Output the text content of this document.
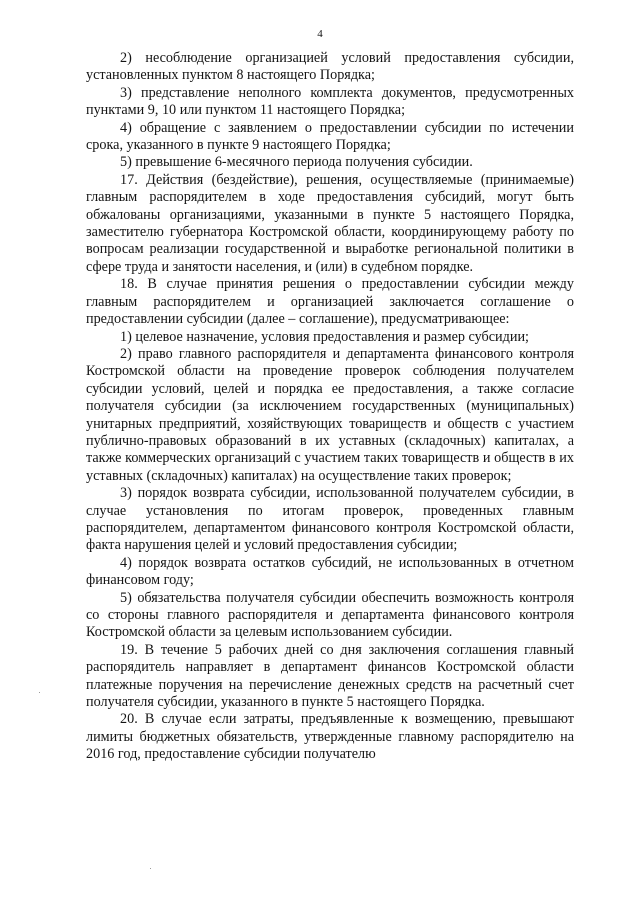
4

2) несоблюдение организацией условий предоставления субсидии, установленных пунктом 8 настоящего Порядка;

3) представление неполного комплекта документов, предусмотренных пунктами 9, 10 или пунктом 11 настоящего Порядка;

4) обращение с заявлением о предоставлении субсидии по истечении срока, указанного в пункте 9 настоящего Порядка;

5) превышение 6-месячного периода получения субсидии.

17. Действия (бездействие), решения, осуществляемые (принимаемые) главным распорядителем в ходе предоставления субсидий, могут быть обжалованы организациями, указанными в пункте 5 настоящего Порядка, заместителю губернатора Костромской области, координирующему работу по вопросам реализации государственной и выработке региональной политики в сфере труда и занятости населения, и (или) в судебном порядке.

18. В случае принятия решения о предоставлении субсидии между главным распорядителем и организацией заключается соглашение о предоставлении субсидии (далее – соглашение), предусматривающее:

1) целевое назначение, условия предоставления и размер субсидии;

2) право главного распорядителя и департамента финансового контроля Костромской области на проведение проверок соблюдения получателем субсидии условий, целей и порядка ее предоставления, а также согласие получателя субсидии (за исключением государственных (муниципальных) унитарных предприятий, хозяйствующих товариществ и обществ с участием публично-правовых образований в их уставных (складочных) капиталах, а также коммерческих организаций с участием таких товариществ и обществ в их уставных (складочных) капиталах) на осуществление таких проверок;

3) порядок возврата субсидии, использованной получателем субсидии, в случае установления по итогам проверок, проведенных главным распорядителем, департаментом финансового контроля Костромской области, факта нарушения целей и условий предоставления субсидии;

4) порядок возврата остатков субсидий, не использованных в отчетном финансовом году;

5) обязательства получателя субсидии обеспечить возможность контроля со стороны главного распорядителя и департамента финансового контроля Костромской области за целевым использованием субсидии.

19. В течение 5 рабочих дней со дня заключения соглашения главный распорядитель направляет в департамент финансов Костромской области платежные поручения на перечисление денежных средств на расчетный счет получателя субсидии, указанного в пункте 5 настоящего Порядка.

20. В случае если затраты, предъявленные к возмещению, превышают лимиты бюджетных обязательств, утвержденные главному распорядителю на 2016 год, предоставление субсидии получателю
